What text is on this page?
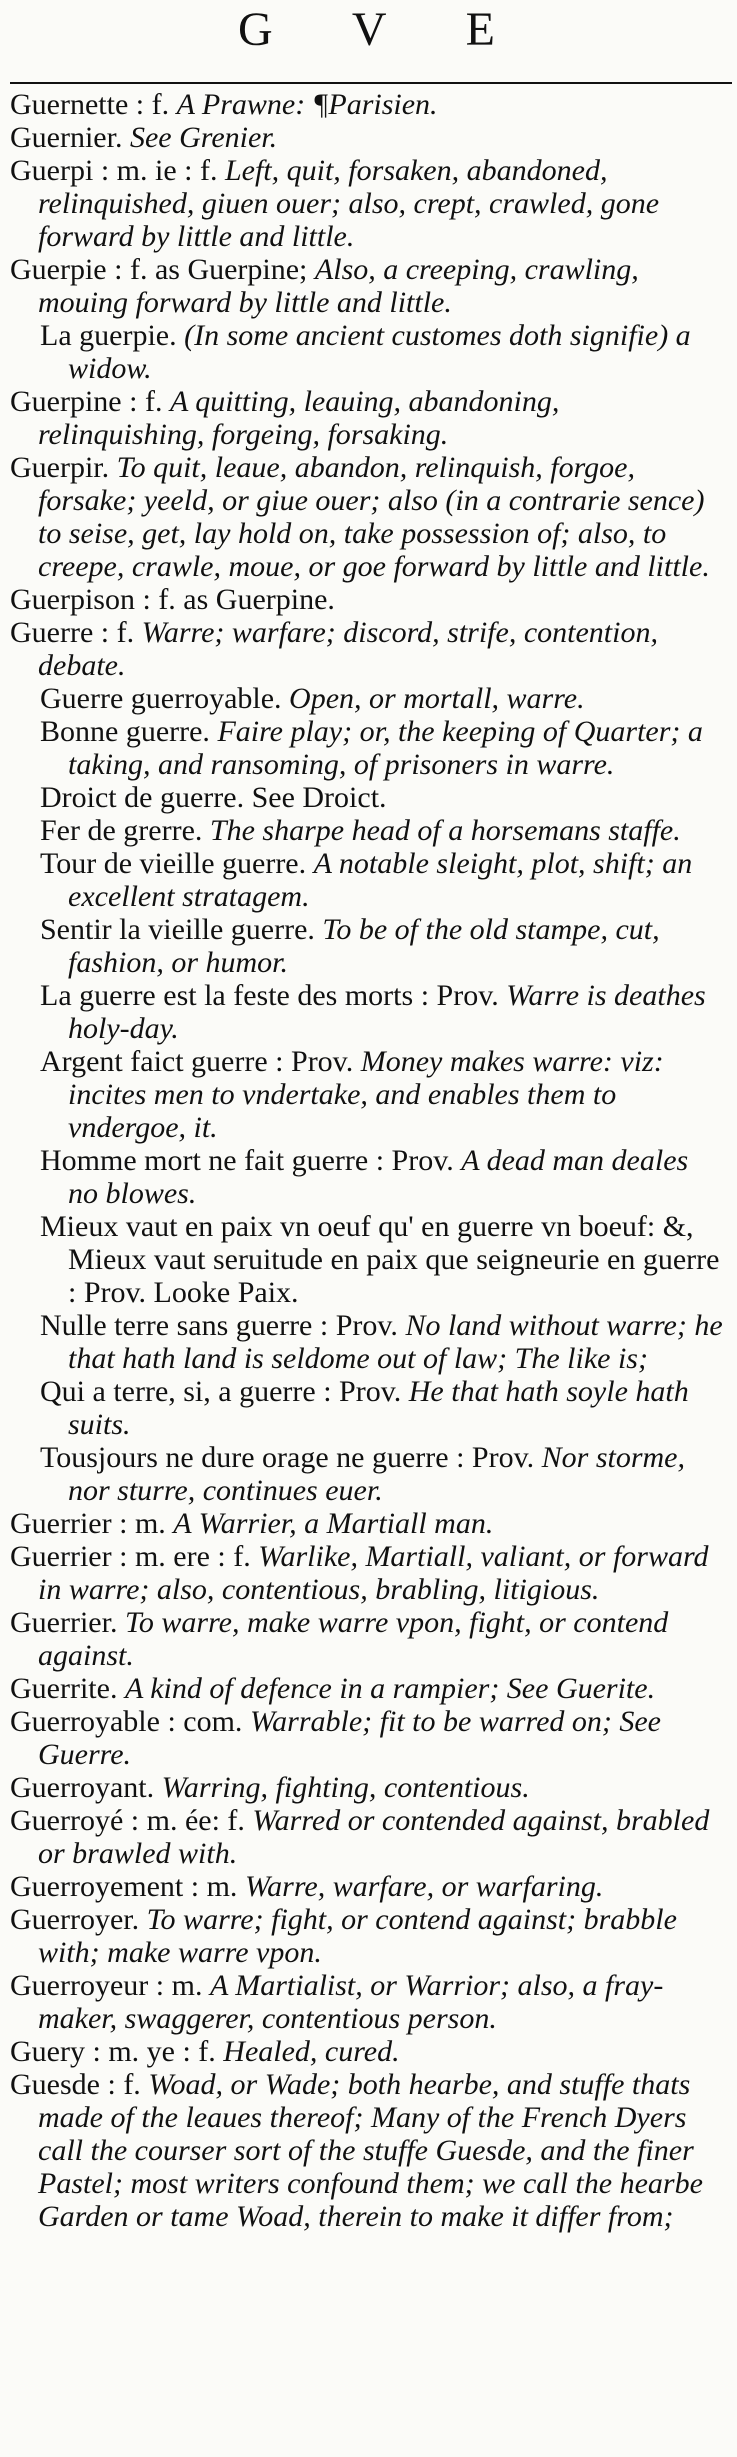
G V E

Guernette : f. A Prawne: ¶Parisien.

Guernier. See Grenier.

Guerpi : m. ie : f. Left, quit, forsaken, abandoned, relinquished, giuen ouer; also, crept, crawled, gone forward by little and little.

Guerpie : f. as Guerpine; Also, a creeping, crawling, mouing forward by little and little.

La guerpie. (In some ancient customes doth signifie) a widow.

Guerpine : f. A quitting, leauing, abandoning, relinquishing, forgeing, forsaking.

Guerpir. To quit, leaue, abandon, relinquish, forgoe, forsake; yeeld, or giue ouer; also (in a contrarie sence) to seise, get, lay hold on, take possession of; also, to creepe, crawle, moue, or goe forward by little and little.

Guerpison : f. as Guerpine.

Guerre : f. Warre; warfare; discord, strife, contention, debate.

Guerre guerroyable. Open, or mortall, warre.

Bonne guerre. Faire play; or, the keeping of Quarter; a taking, and ransoming, of prisoners in warre.

Droict de guerre. See Droict.

Fer de grerre. The sharpe head of a horsemans staffe.

Tour de vieille guerre. A notable sleight, plot, shift; an excellent stratagem.

Sentir la vieille guerre. To be of the old stampe, cut, fashion, or humor.

La guerre est la feste des morts : Prov. Warre is deathes holy-day.

Argent faict guerre : Prov. Money makes warre: viz: incites men to vndertake, and enables them to vndergoe, it.

Homme mort ne fait guerre : Prov. A dead man deales no blowes.

Mieux vaut en paix vn oeuf qu' en guerre vn boeuf: &, Mieux vaut seruitude en paix que seigneurie en guerre : Prov. Looke Paix.

Nulle terre sans guerre : Prov. No land without warre; he that hath land is seldome out of law; The like is;

Qui a terre, si, a guerre : Prov. He that hath soyle hath suits.

Tousjours ne dure orage ne guerre : Prov. Nor storme, nor sturre, continues euer.

Guerrier : m. A Warrier, a Martiall man.

Guerrier : m. ere : f. Warlike, Martiall, valiant, or forward in warre; also, contentious, brabling, litigious.

Guerrier. To warre, make warre vpon, fight, or contend against.

Guerrite. A kind of defence in a rampier; See Guerite.

Guerroyable : com. Warrable; fit to be warred on; See Guerre.

Guerroyant. Warring, fighting, contentious.

Guerroyé : m. ée: f. Warred or contended against, brabled or brawled with.

Guerroyement : m. Warre, warfare, or warfaring.

Guerroyer. To warre; fight, or contend against; brabble with; make warre vpon.

Guerroyeur : m. A Martialist, or Warrior; also, a fray-maker, swaggerer, contentious person.

Guery : m. ye : f. Healed, cured.

Guesde : f. Woad, or Wade; both hearbe, and stuffe thats made of the leaues thereof; Many of the French Dyers call the courser sort of the stuffe Guesde, and the finer Pastel; most writers confound them; we call the hearbe Garden or tame Woad, therein to make it differ from;
